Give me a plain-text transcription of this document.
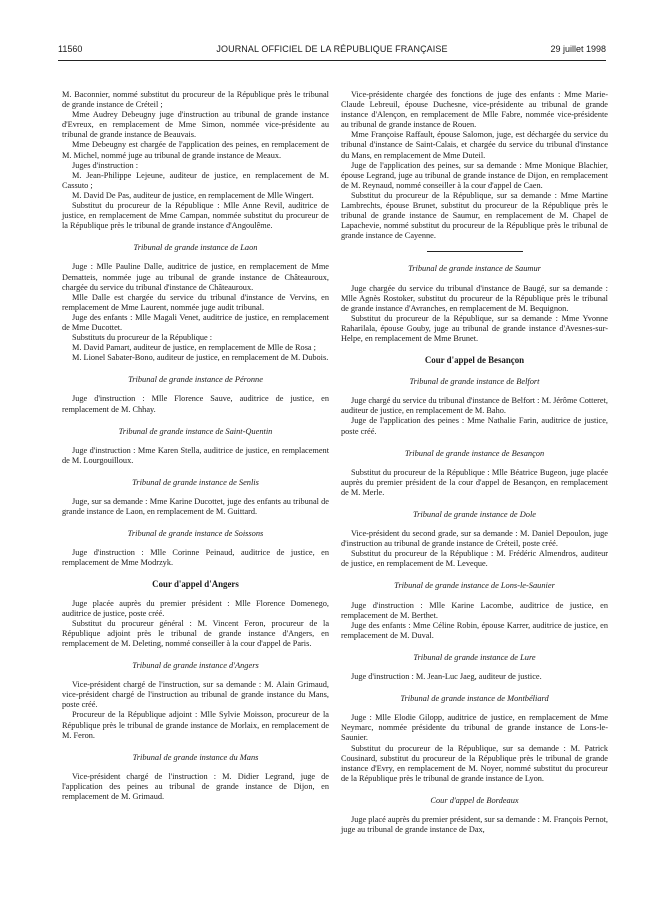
11560	JOURNAL OFFICIEL DE LA RÉPUBLIQUE FRANÇAISE	29 juillet 1998

M. Baconnier, nommé substitut du procureur de la République près le tribunal de grande instance de Créteil ;

Mme Audrey Debeugny juge d'instruction au tribunal de grande instance d'Evreux, en remplacement de Mme Simon, nommée vice-présidente au tribunal de grande instance de Beauvais.

Mme Debeugny est chargée de l'application des peines, en remplacement de M. Michel, nommé juge au tribunal de grande instance de Meaux.

Juges d'instruction :

M. Jean-Philippe Lejeune, auditeur de justice, en remplacement de M. Cassuto ;

M. David De Pas, auditeur de justice, en remplacement de Mlle Wingert.

Substitut du procureur de la République : Mlle Anne Revil, auditrice de justice, en remplacement de Mme Campan, nommée substitut du procureur de la République près le tribunal de grande instance d'Angoulême.

Tribunal de grande instance de Laon

Juge : Mlle Pauline Dalle, auditrice de justice, en remplacement de Mme Dematteis, nommée juge au tribunal de grande instance de Châteauroux, chargée du service du tribunal d'instance de Châteauroux.

Mlle Dalle est chargée du service du tribunal d'instance de Vervins, en remplacement de Mme Laurent, nommée juge audit tribunal.

Juge des enfants : Mlle Magali Venet, auditrice de justice, en remplacement de Mme Ducottet.

Substituts du procureur de la République :

M. David Pamart, auditeur de justice, en remplacement de Mlle de Rosa ;

M. Lionel Sabater-Bono, auditeur de justice, en remplacement de M. Dubois.

Tribunal de grande instance de Péronne

Juge d'instruction : Mlle Florence Sauve, auditrice de justice, en remplacement de M. Chhay.

Tribunal de grande instance de Saint-Quentin

Juge d'instruction : Mme Karen Stella, auditrice de justice, en remplacement de M. Lourgouilloux.

Tribunal de grande instance de Senlis

Juge, sur sa demande : Mme Karine Ducottet, juge des enfants au tribunal de grande instance de Laon, en remplacement de M. Guittard.

Tribunal de grande instance de Soissons

Juge d'instruction : Mlle Corinne Peinaud, auditrice de justice, en remplacement de Mme Modrzyk.

Cour d'appel d'Angers

Juge placée auprès du premier président : Mlle Florence Domenego, auditrice de justice, poste créé.

Substitut du procureur général : M. Vincent Feron, procureur de la République adjoint près le tribunal de grande instance d'Angers, en remplacement de M. Deleting, nommé conseiller à la cour d'appel de Paris.

Tribunal de grande instance d'Angers

Vice-président chargé de l'instruction, sur sa demande : M. Alain Grimaud, vice-président chargé de l'instruction au tribunal de grande instance du Mans, poste créé.

Procureur de la République adjoint : Mlle Sylvie Moisson, procureur de la République près le tribunal de grande instance de Morlaix, en remplacement de M. Feron.

Tribunal de grande instance du Mans

Vice-président chargé de l'instruction : M. Didier Legrand, juge de l'application des peines au tribunal de grande instance de Dijon, en remplacement de M. Grimaud.

Vice-présidente chargée des fonctions de juge des enfants : Mme Marie-Claude Lebreuil, épouse Duchesne, vice-présidente au tribunal de grande instance d'Alençon, en remplacement de Mlle Fabre, nommée vice-présidente au tribunal de grande instance de Rouen.

Mme Françoise Raffault, épouse Salomon, juge, est déchargée du service du tribunal d'instance de Saint-Calais, et chargée du service du tribunal d'instance du Mans, en remplacement de Mme Duteil.

Juge de l'application des peines, sur sa demande : Mme Monique Blachier, épouse Legrand, juge au tribunal de grande instance de Dijon, en remplacement de M. Reynaud, nommé conseiller à la cour d'appel de Caen.

Substitut du procureur de la République, sur sa demande : Mme Martine Lambrechts, épouse Brunet, substitut du procureur de la République près le tribunal de grande instance de Saumur, en remplacement de M. Chapel de Lapachevie, nommé substitut du procureur de la République près le tribunal de grande instance de Cayenne.

Tribunal de grande instance de Saumur

Juge chargée du service du tribunal d'instance de Baugé, sur sa demande : Mlle Agnès Rostoker, substitut du procureur de la République près le tribunal de grande instance d'Avranches, en remplacement de M. Bequignon.

Substitut du procureur de la République, sur sa demande : Mme Yvonne Raharilala, épouse Gouby, juge au tribunal de grande instance d'Avesnes-sur-Helpe, en remplacement de Mme Brunet.

Cour d'appel de Besançon
Tribunal de grande instance de Belfort

Juge chargé du service du tribunal d'instance de Belfort : M. Jérôme Cotteret, auditeur de justice, en remplacement de M. Baho.

Juge de l'application des peines : Mme Nathalie Farin, auditrice de justice, poste créé.

Tribunal de grande instance de Besançon

Substitut du procureur de la République : Mlle Béatrice Bugeon, juge placée auprès du premier président de la cour d'appel de Besançon, en remplacement de M. Merle.

Tribunal de grande instance de Dole

Vice-président du second grade, sur sa demande : M. Daniel Depoulon, juge d'instruction au tribunal de grande instance de Créteil, poste créé.

Substitut du procureur de la République : M. Frédéric Almendros, auditeur de justice, en remplacement de M. Leveque.

Tribunal de grande instance de Lons-le-Saunier

Juge d'instruction : Mlle Karine Lacombe, auditrice de justice, en remplacement de M. Berthet.

Juge des enfants : Mme Céline Robin, épouse Karrer, auditrice de justice, en remplacement de M. Duval.

Tribunal de grande instance de Lure

Juge d'instruction : M. Jean-Luc Jaeg, auditeur de justice.

Tribunal de grande instance de Montbéliard

Juge : Mlle Elodie Gilopp, auditrice de justice, en remplacement de Mme Neymarc, nommée présidente du tribunal de grande instance de Lons-le-Saunier.

Substitut du procureur de la République, sur sa demande : M. Patrick Cousinard, substitut du procureur de la République près le tribunal de grande instance d'Evry, en remplacement de M. Noyer, nommé substitut du procureur de la République près le tribunal de grande instance de Lyon.

Cour d'appel de Bordeaux

Juge placé auprès du premier président, sur sa demande : M. François Pernot, juge au tribunal de grande instance de Dax,
